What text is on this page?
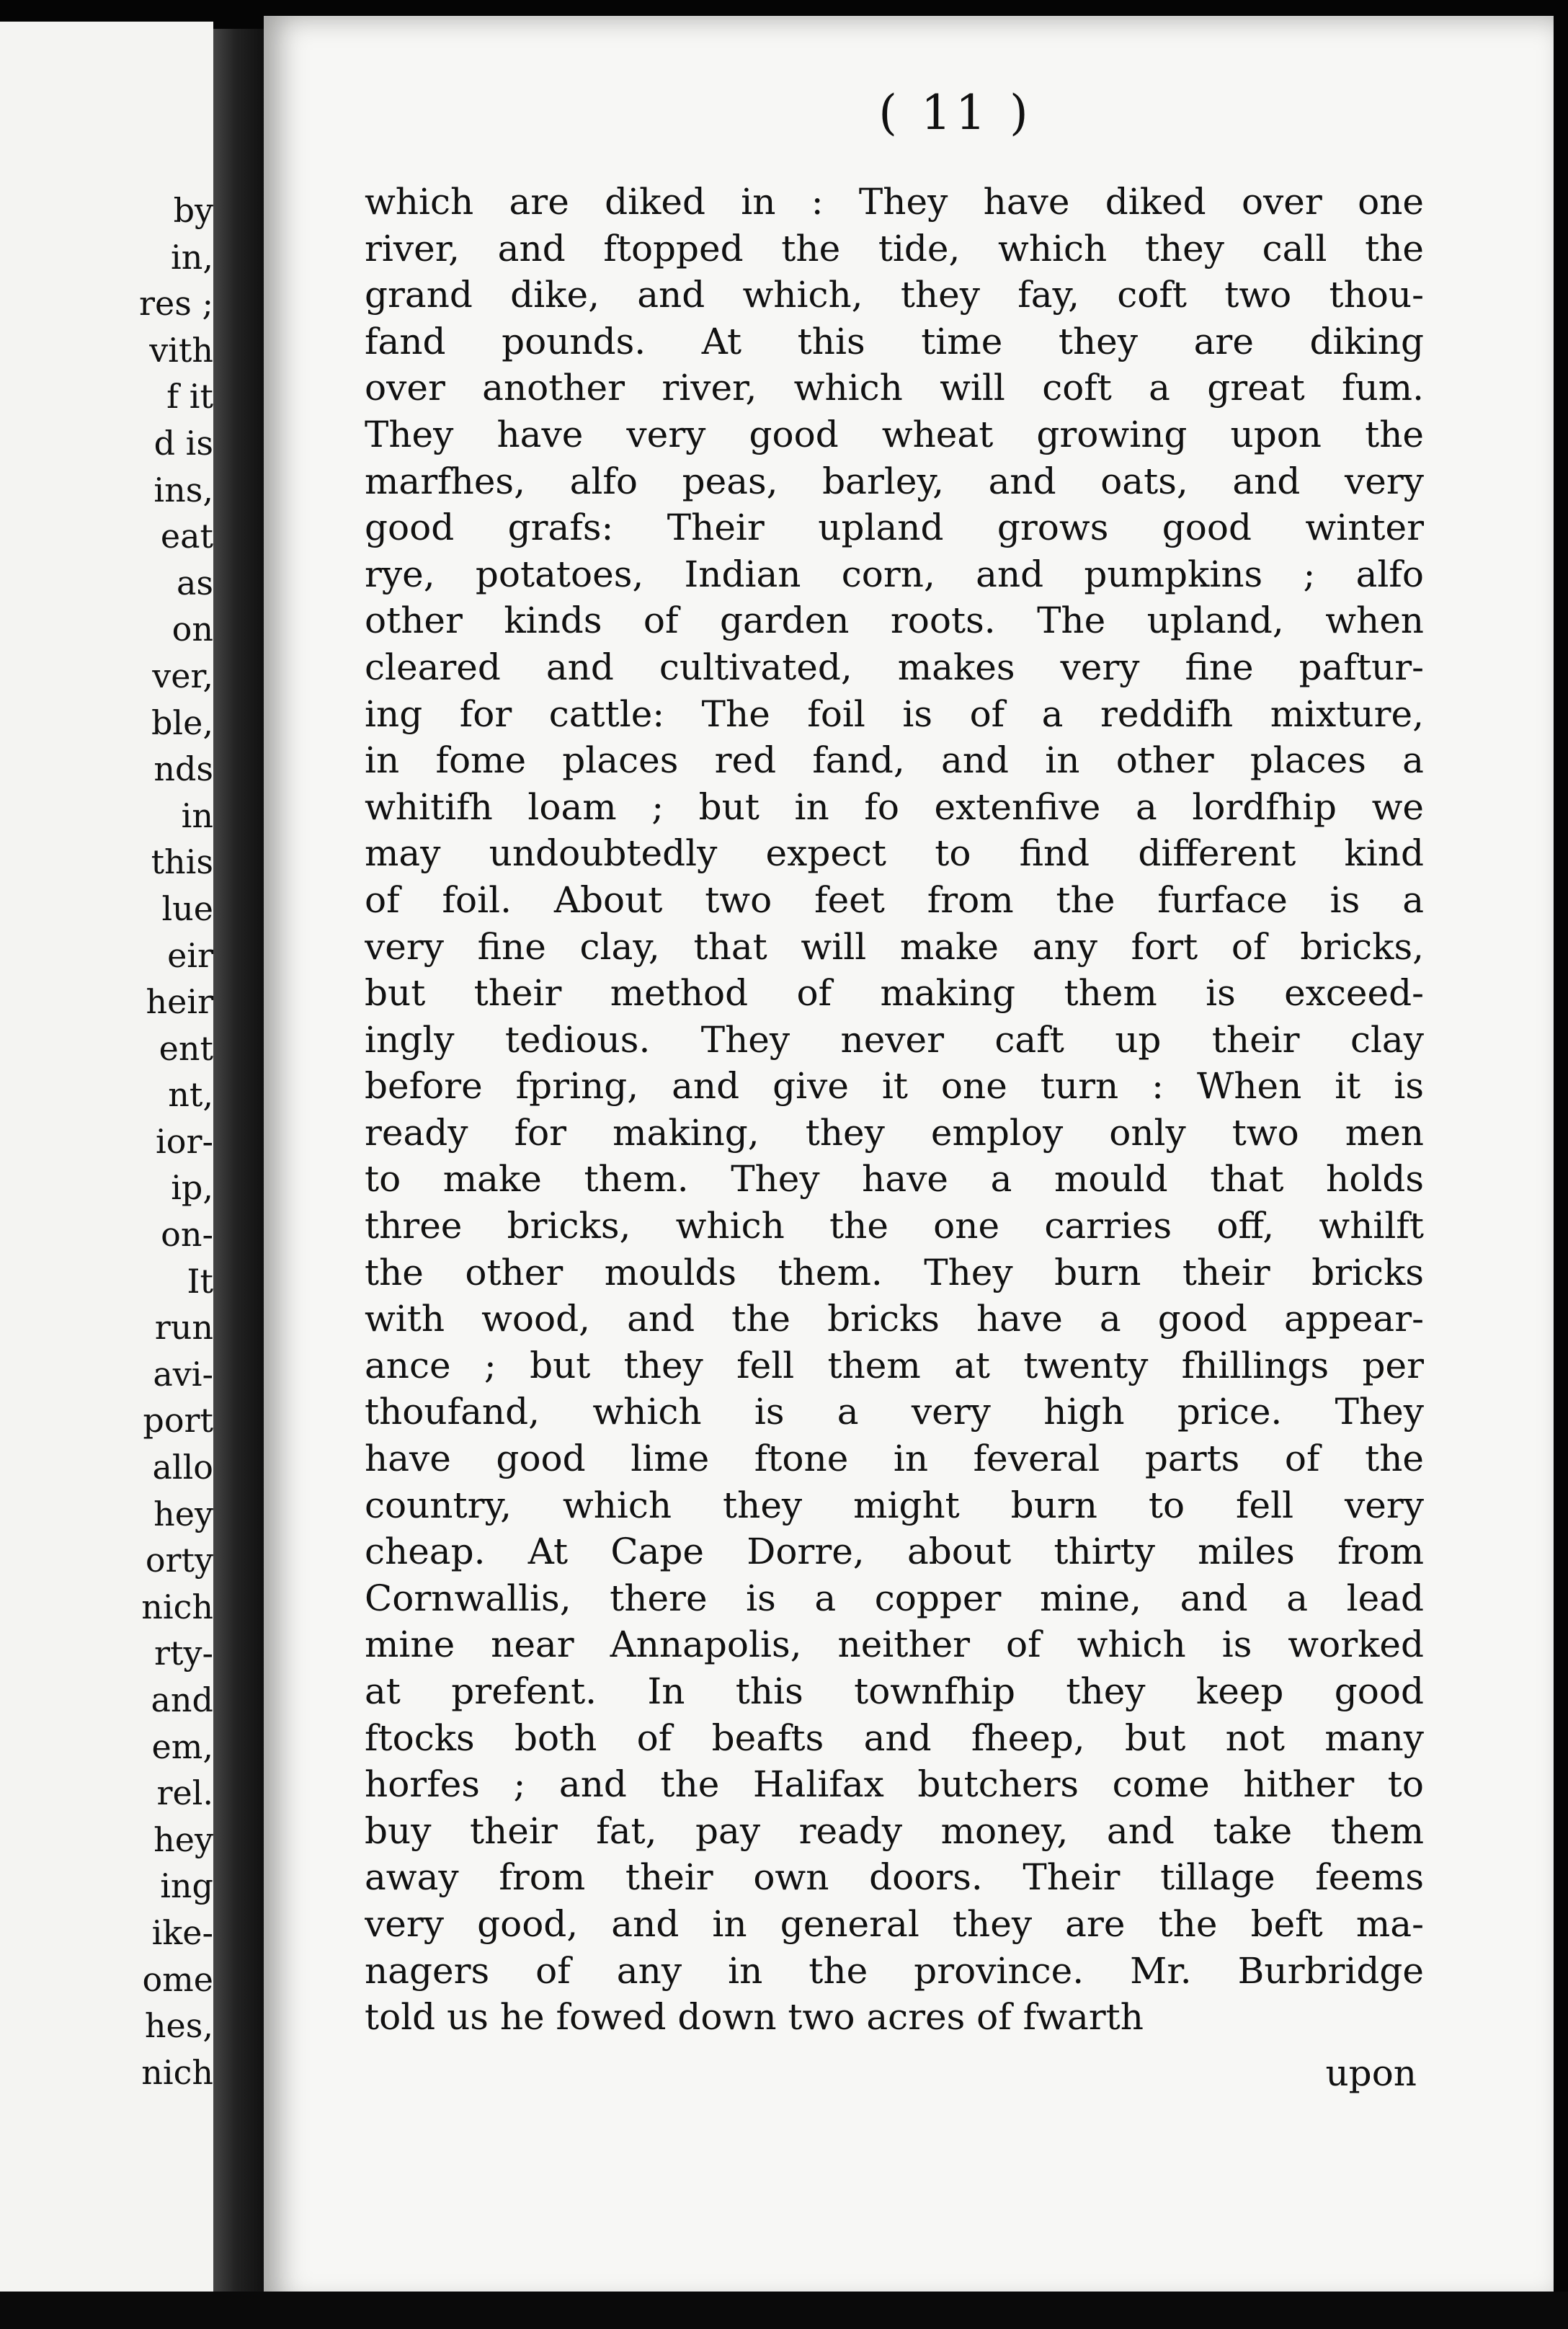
by
in,
res ;
vith
f it
d is
ins,
eat
as
on
ver,
ble,
nds
in
this
lue
eir
heir
ent
nt,
ior-
ip,
on-
It
run
avi-
port
allo
hey
orty
nich
rty-
and
em,
rel.
hey
ing
ike-
ome
hes,
nich
( 11 )
which are diked in : They have diked over one
river, and ftopped the tide, which they call the
grand dike, and which, they fay, coft two thou-
fand pounds. At this time they are diking
over another river, which will coft a great fum.
They have very good wheat growing upon the
marfhes, alfo peas, barley, and oats, and very
good grafs: Their upland grows good winter
rye, potatoes, Indian corn, and pumpkins ; alfo
other kinds of garden roots. The upland, when
cleared and cultivated, makes very fine paftur-
ing for cattle: The foil is of a reddifh mixture,
in fome places red fand, and in other places a
whitifh loam ; but in fo extenfive a lordfhip we
may undoubtedly expect to find different kind
of foil. About two feet from the furface is a
very fine clay, that will make any fort of bricks,
but their method of making them is exceed-
ingly tedious. They never caft up their clay
before fpring, and give it one turn : When it is
ready for making, they employ only two men
to make them. They have a mould that holds
three bricks, which the one carries off, whilft
the other moulds them. They burn their bricks
with wood, and the bricks have a good appear-
ance ; but they fell them at twenty fhillings per
thoufand, which is a very high price. They
have good lime ftone in feveral parts of the
country, which they might burn to fell very
cheap. At Cape Dorre, about thirty miles from
Cornwallis, there is a copper mine, and a lead
mine near Annapolis, neither of which is worked
at prefent. In this townfhip they keep good
ftocks both of beafts and fheep, but not many
horfes ; and the Halifax butchers come hither to
buy their fat, pay ready money, and take them
away from their own doors. Their tillage feems
very good, and in general they are the beft ma-
nagers of any in the province. Mr. Burbridge
told us he fowed down two acres of fwarth
upon
